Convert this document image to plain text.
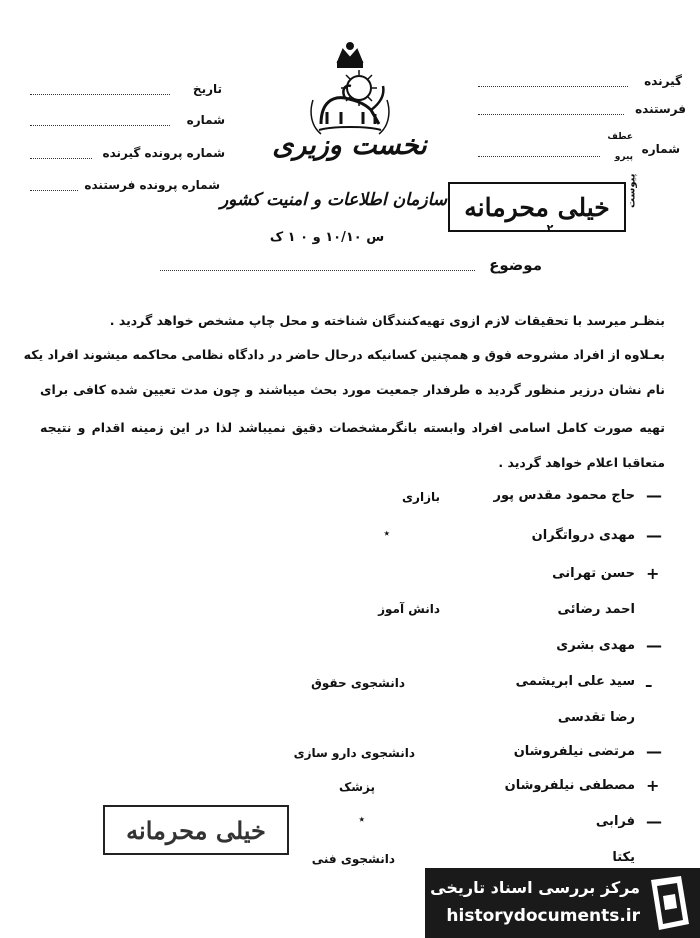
نخست وزیری
سازمان اطلاعات و امنیت کشور
س ۱۰/۱۰ و ۰ ۱ ک
گیرنده
فرستنده
شماره
عطف
پیرو
تاریخ
شماره
شماره پرونده گیرنده
شماره پرونده فرستنده
خیلی محرمانه پیوست
۲
موضوع
بنظـر میرسد با تحقیقات لازم ازوی تهیه‌کنندگان شناخته و محل چاپ مشخص خواهد گردید .
بعـلاوه از افراد مشروحه فوق و همچنین کسانیکه درحال حاضر در دادگاه نظامی محاکمه میشوند افراد یکه
نام نشان درزیر منظور گردید ه طرفدار جمعیت مورد بحث میباشند و چون مدت تعیین شده کافی برای
تهیه صورت کامل اسامی افراد وابسته بانگرمشخصات دقیق نمیباشد لذا در این زمینه اقدام و نتیجه
متعاقبا اعلام خواهد گردید .
—
حاج محمود مقدس پور
بازاری
—
مهدی درواتگران
٭
+
حسن تهرانی
احمد رضائی
دانش آموز
—
مهدی بشری
ـ
سید علی ابریشمی
دانشجوی حقوق
رضا تقدسی
—
مرتضی نیلفروشان
دانشجوی دارو سازی
+
مصطفی نیلفروشان
پزشک
—
فرابی
٭
یکتا
دانشجوی فنی
خیلی محرمانه
مرکز بررسی اسناد تاریخی
historydocuments.ir
